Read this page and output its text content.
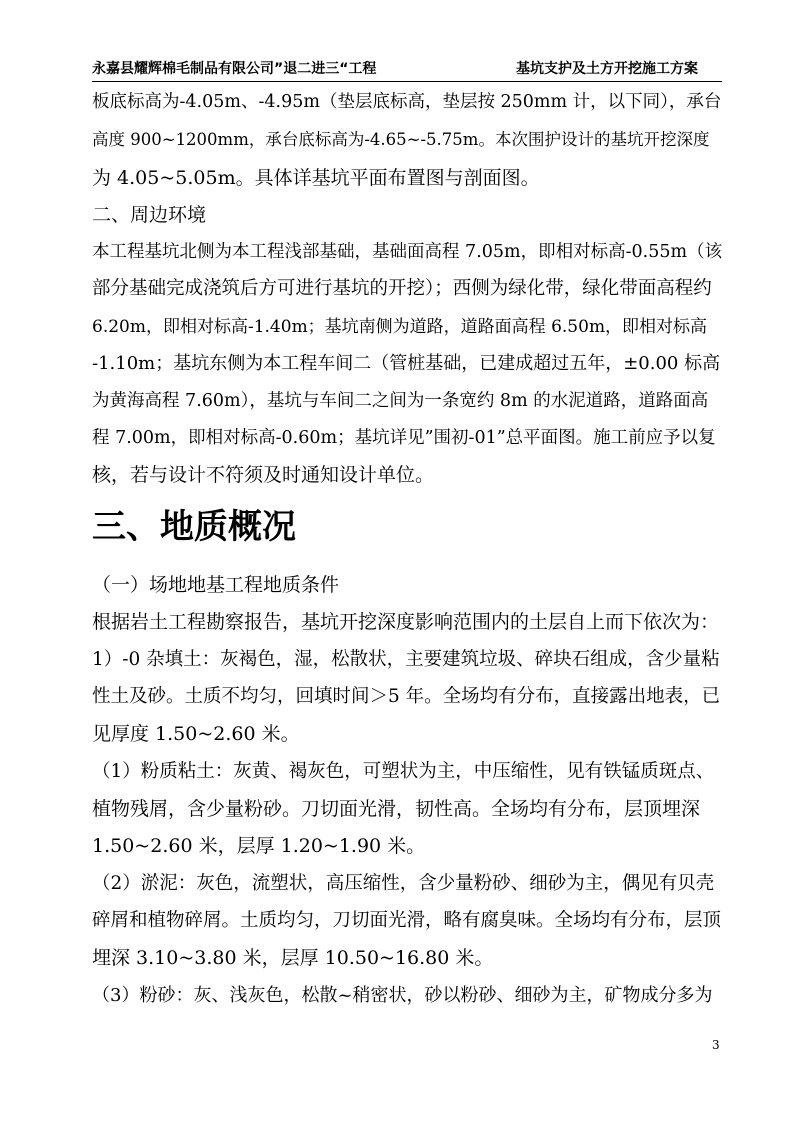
永嘉县耀辉棉毛制品有限公司”退二进三“工程	基坑支护及土方开挖施工方案
板底标高为-4.05m、-4.95m（垫层底标高，垫层按 250mm 计，以下同），承台
高度 900~1200mm，承台底标高为-4.65~-5.75m。本次围护设计的基坑开挖深度
为 4.05~5.05m。具体详基坑平面布置图与剖面图。
二、周边环境
本工程基坑北侧为本工程浅部基础，基础面高程 7.05m，即相对标高-0.55m（该
部分基础完成浇筑后方可进行基坑的开挖）；西侧为绿化带，绿化带面高程约
6.20m，即相对标高-1.40m；基坑南侧为道路，道路面高程 6.50m，即相对标高
-1.10m；基坑东侧为本工程车间二（管桩基础，已建成超过五年，±0.00 标高
为黄海高程 7.60m），基坑与车间二之间为一条宽约 8m 的水泥道路，道路面高
程 7.00m，即相对标高-0.60m；基坑详见”围初-01”总平面图。施工前应予以复
核，若与设计不符须及时通知设计单位。
三、地质概况
（一）场地地基工程地质条件
根据岩土工程勘察报告，基坑开挖深度影响范围内的土层自上而下依次为：
1）-0 杂填土：灰褐色，湿，松散状，主要建筑垃圾、碎块石组成，含少量粘
性土及砂。土质不均匀，回填时间＞5 年。全场均有分布，直接露出地表，已
见厚度 1.50~2.60 米。
（1）粉质粘土：灰黄、褐灰色，可塑状为主，中压缩性，见有铁锰质斑点、
植物残屑，含少量粉砂。刀切面光滑，韧性高。全场均有分布，层顶埋深
1.50~2.60 米，层厚 1.20~1.90 米。
（2）淤泥：灰色，流塑状，高压缩性，含少量粉砂、细砂为主，偶见有贝壳
碎屑和植物碎屑。土质均匀，刀切面光滑，略有腐臭味。全场均有分布，层顶
埋深 3.10~3.80 米，层厚 10.50~16.80 米。
（3）粉砂：灰、浅灰色，松散~稍密状，砂以粉砂、细砂为主，矿物成分多为
3
